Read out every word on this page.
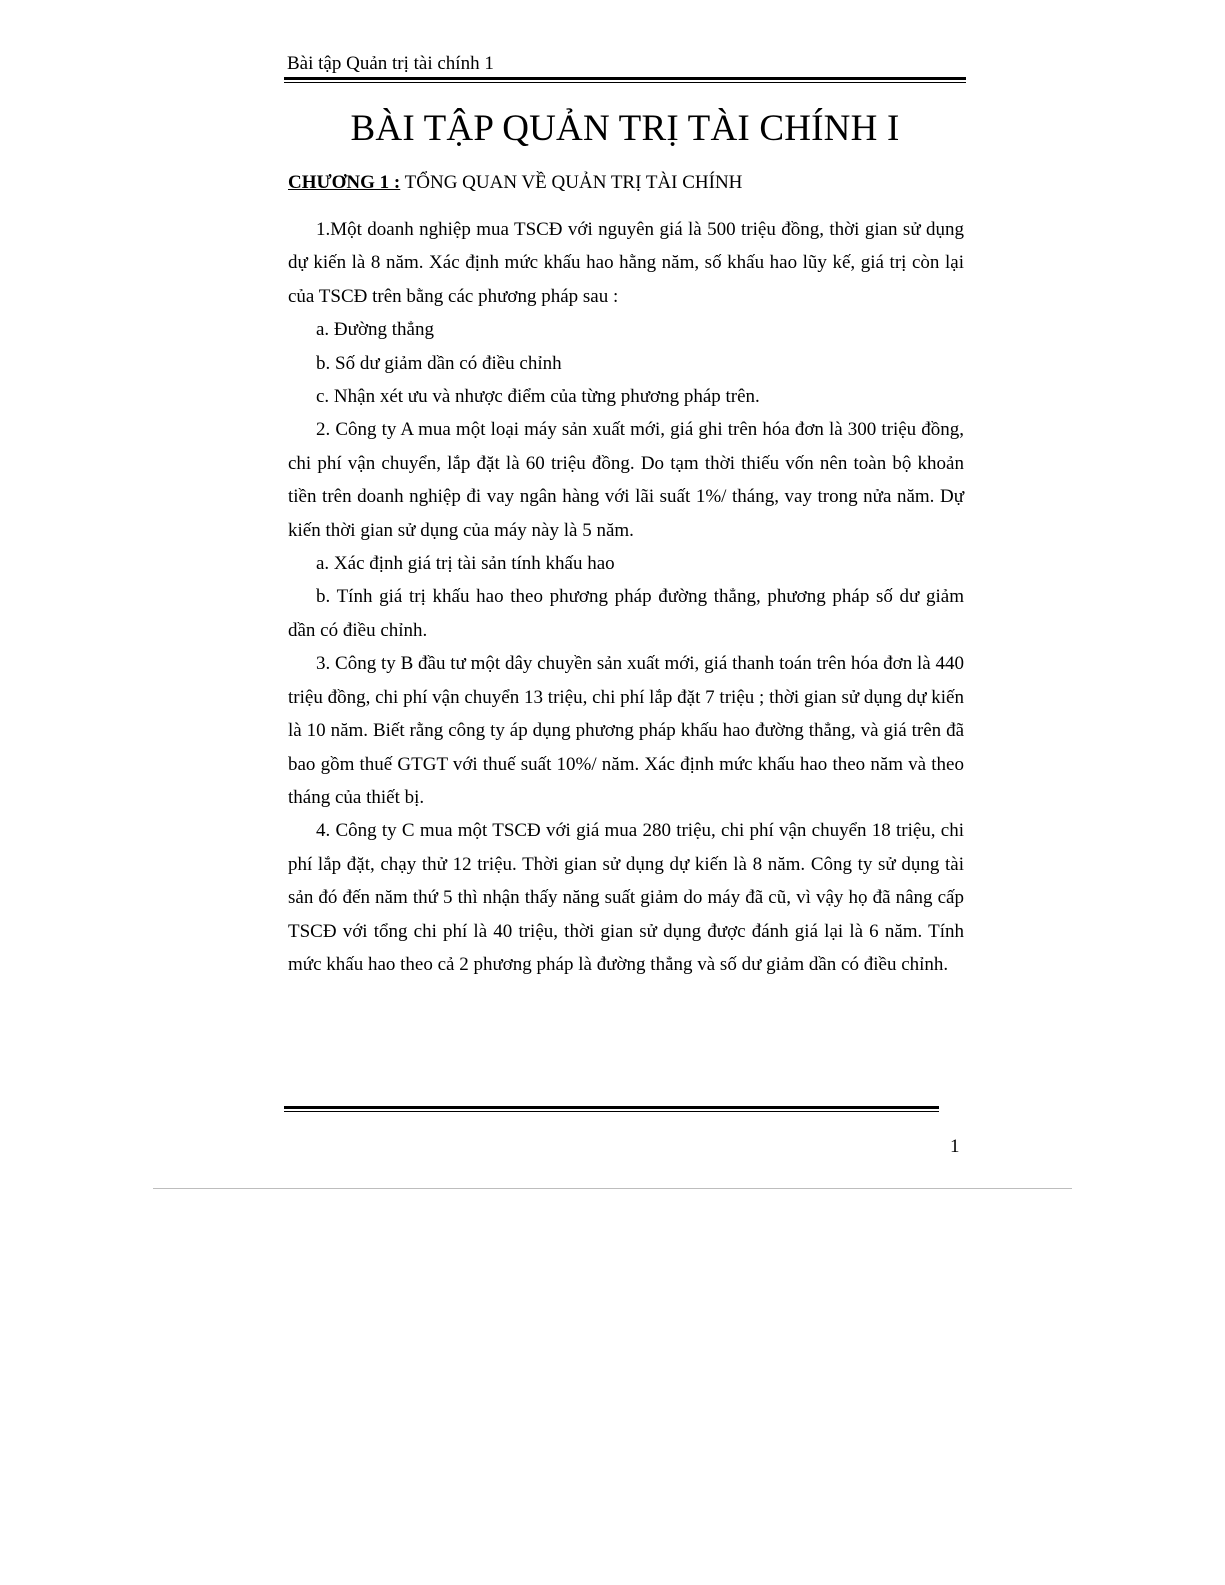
Bài tập Quản trị tài chính 1
BÀI TẬP QUẢN TRỊ TÀI CHÍNH I
CHƯƠNG 1 : TỔNG QUAN VỀ QUẢN TRỊ TÀI CHÍNH

1.Một doanh nghiệp mua TSCĐ với nguyên giá là 500 triệu đồng, thời gian sử dụng dự kiến là 8 năm. Xác định mức khấu hao hằng năm, số khấu hao lũy kế, giá trị còn lại của TSCĐ trên bằng các phương pháp sau :

a. Đường thẳng

b. Số dư giảm dần có điều chỉnh

c. Nhận xét ưu và nhược điểm của từng phương pháp trên.

2. Công ty A mua một loại máy sản xuất mới, giá ghi trên hóa đơn là 300 triệu đồng, chi phí vận chuyển, lắp đặt là 60 triệu đồng. Do tạm thời thiếu vốn nên toàn bộ khoản tiền trên doanh nghiệp đi vay ngân hàng với lãi suất 1%/ tháng, vay trong nửa năm. Dự kiến thời gian sử dụng của máy này là 5 năm.

a. Xác định giá trị tài sản tính khấu hao

b. Tính giá trị khấu hao theo phương pháp đường thẳng, phương pháp số dư giảm dần có điều chỉnh.

3. Công ty B đầu tư một dây chuyền sản xuất mới, giá thanh toán trên hóa đơn là 440 triệu đồng, chi phí vận chuyển 13 triệu, chi phí lắp đặt 7 triệu ; thời gian sử dụng dự kiến là 10 năm. Biết rằng công ty áp dụng phương pháp khấu hao đường thẳng, và giá trên đã bao gồm thuế GTGT với thuế suất 10%/ năm. Xác định mức khấu hao theo năm và theo tháng của thiết bị.

4. Công ty C mua một TSCĐ với giá mua 280 triệu, chi phí vận chuyển 18 triệu, chi phí lắp đặt, chạy thử 12 triệu. Thời gian sử dụng dự kiến là 8 năm. Công ty sử dụng tài sản đó đến năm thứ 5 thì nhận thấy năng suất giảm do máy đã cũ, vì vậy họ đã nâng cấp TSCĐ với tổng chi phí là 40 triệu, thời gian sử dụng được đánh giá lại là 6 năm. Tính mức khấu hao theo cả 2 phương pháp là đường thẳng và số dư giảm dần có điều chỉnh.

1
